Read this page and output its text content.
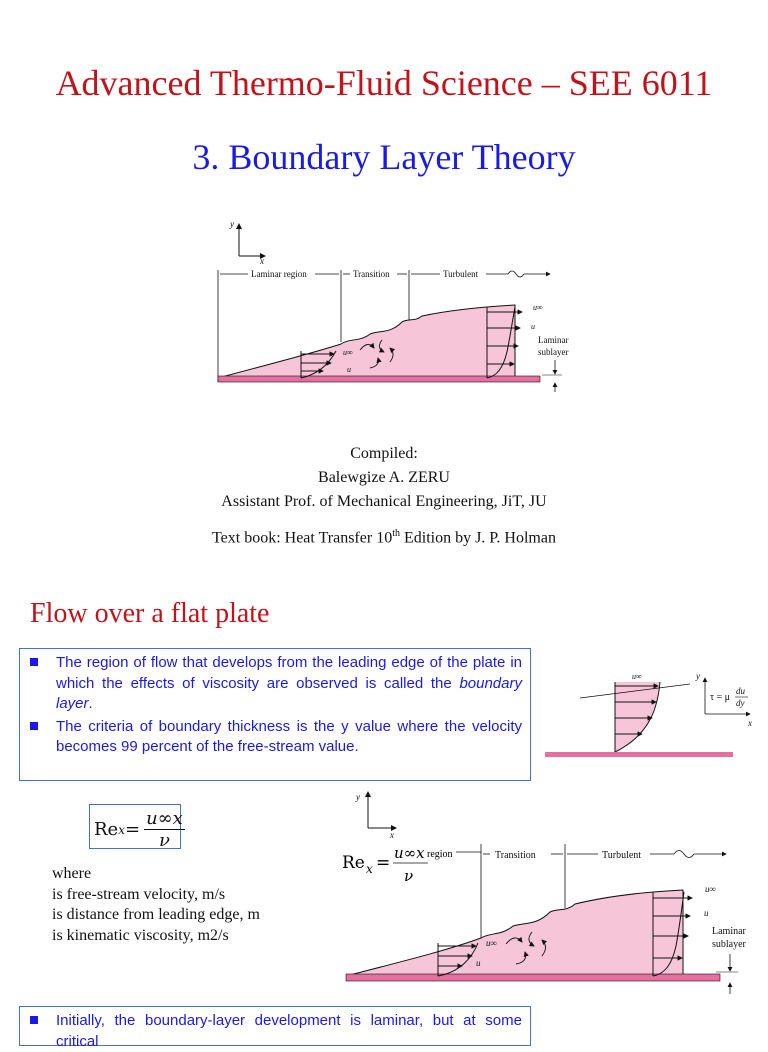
Advanced Thermo-Fluid Science – SEE 6011
3. Boundary Layer Theory
y
x
Laminar region	Transition	Turbulent
u∞
u
u∞
u
Laminar
sublayer
Compiled:
Balewgize A. ZERU
Assistant Prof. of Mechanical Engineering, JiT, JU
Text book: Heat Transfer 10th Edition by J. P. Holman
Flow over a flat plate
The region of flow that develops from the leading edge of the plate in which the effects of viscosity are observed is called the boundary layer.
The criteria of boundary thickness is the y value where the velocity becomes 99 percent of the free-stream value.
u∞	y
x
τ = μ
du
dy
Re $x = \frac{u\infty x}{\nu}$
where
is free-stream velocity, m/s
is distance from leading edge, m
is kinematic viscosity, m2/s
y
x
Re x = u∞x region
ν
Transition	Turbulent
u∞
u
u∞
u
Laminar
sublayer
Initially, the boundary-layer development is laminar, but at some critical
